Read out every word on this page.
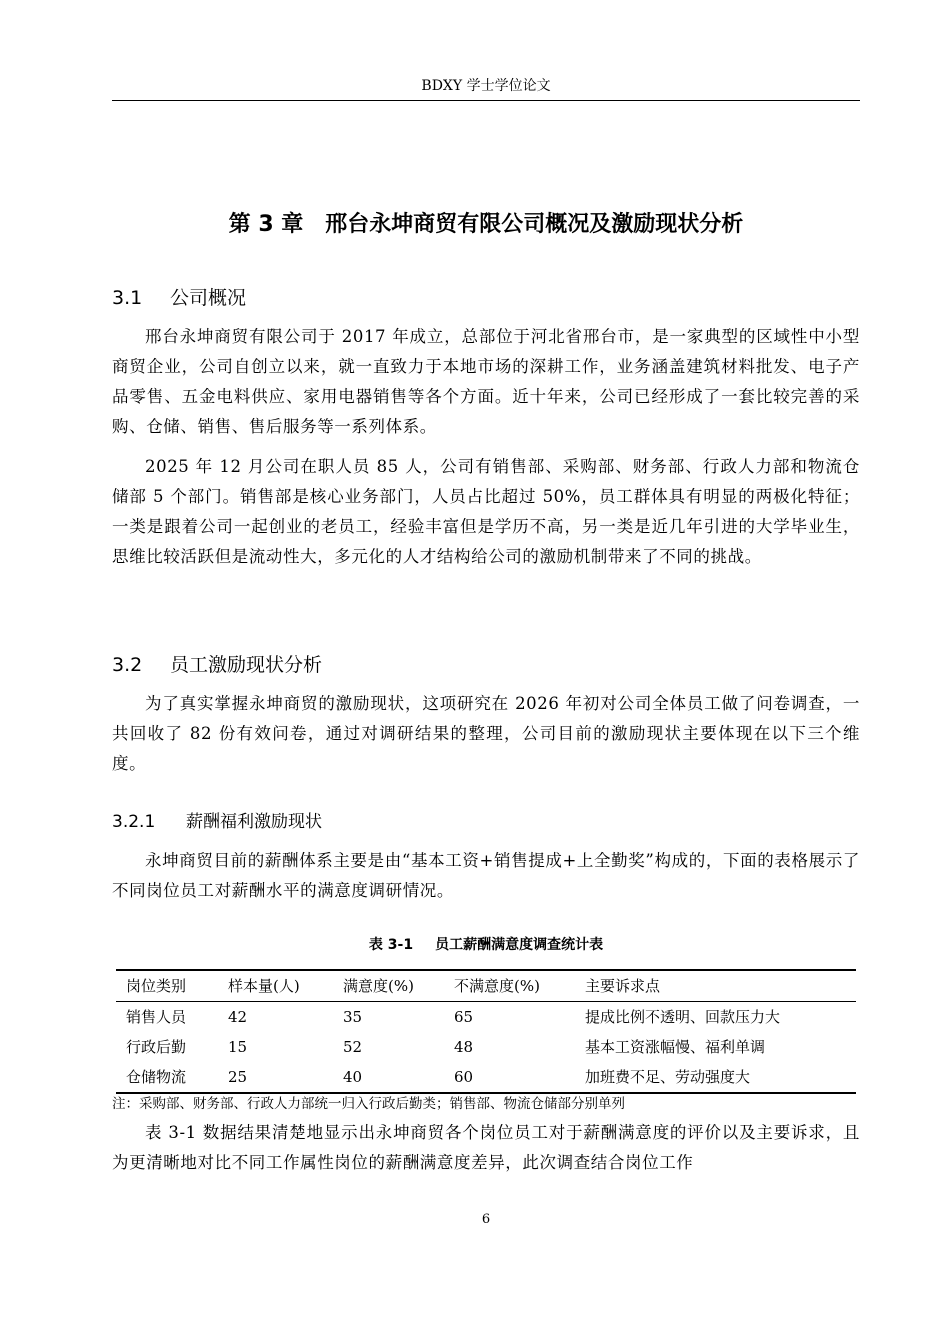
BDXY 学士学位论文
第 3 章　邢台永坤商贸有限公司概况及激励现状分析
3.1 公司概况

邢台永坤商贸有限公司于 2017 年成立，总部位于河北省邢台市，是一家典型的区域性中小型商贸企业，公司自创立以来，就一直致力于本地市场的深耕工作，业务涵盖建筑材料批发、电子产品零售、五金电料供应、家用电器销售等各个方面。近十年来，公司已经形成了一套比较完善的采购、仓储、销售、售后服务等一系列体系。

2025 年 12 月公司在职人员 85 人，公司有销售部、采购部、财务部、行政人力部和物流仓储部 5 个部门。销售部是核心业务部门，人员占比超过 50%，员工群体具有明显的两极化特征；一类是跟着公司一起创业的老员工，经验丰富但是学历不高，另一类是近几年引进的大学毕业生，思维比较活跃但是流动性大，多元化的人才结构给公司的激励机制带来了不同的挑战。

3.2 员工激励现状分析

为了真实掌握永坤商贸的激励现状，这项研究在 2026 年初对公司全体员工做了问卷调查，一共回收了 82 份有效问卷，通过对调研结果的整理，公司目前的激励现状主要体现在以下三个维度。

3.2.1 薪酬福利激励现状

永坤商贸目前的薪酬体系主要是由“基本工资+销售提成+上全勤奖”构成的，下面的表格展示了不同岗位员工对薪酬水平的满意度调研情况。

表 3-1 员工薪酬满意度调查统计表
岗位类别	样本量(人)	满意度(%)	不满意度(%)	主要诉求点
销售人员	42	35	65	提成比例不透明、回款压力大
行政后勤	15	52	48	基本工资涨幅慢、福利单调
仓储物流	25	40	60	加班费不足、劳动强度大
注：采购部、财务部、行政人力部统一归入行政后勤类；销售部、物流仓储部分别单列

表 3-1 数据结果清楚地显示出永坤商贸各个岗位员工对于薪酬满意度的评价以及主要诉求，且为更清晰地对比不同工作属性岗位的薪酬满意度差异，此次调查结合岗位工作

6
